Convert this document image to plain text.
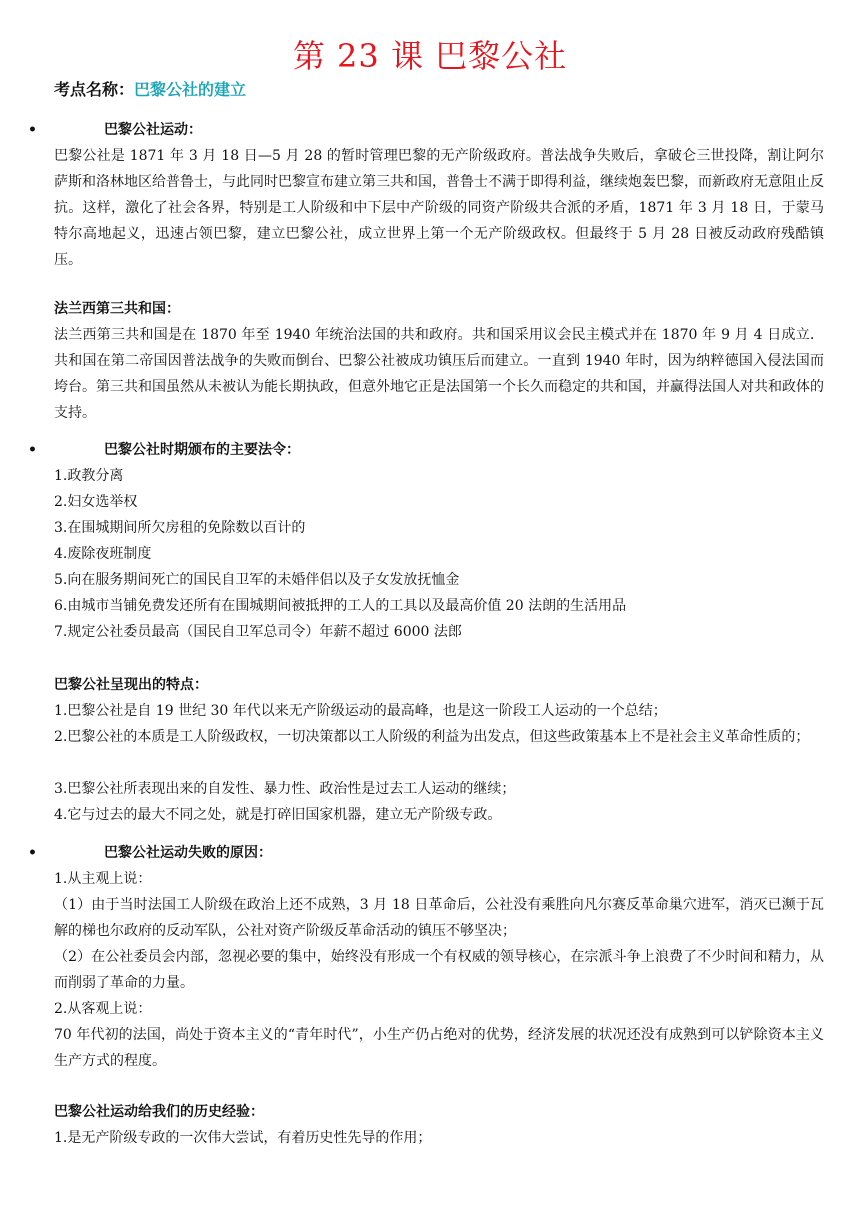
第 23 课 巴黎公社
考点名称：巴黎公社的建立
•	巴黎公社运动：
巴黎公社是 1871 年 3 月 18 日—5 月 28 的暂时管理巴黎的无产阶级政府。普法战争失败后，拿破仑三世投降，割让阿尔萨斯和洛林地区给普鲁士，与此同时巴黎宣布建立第三共和国，普鲁士不满于即得利益，继续炮轰巴黎，而新政府无意阻止反抗。这样，激化了社会各界，特别是工人阶级和中下层中产阶级的同资产阶级共合派的矛盾，1871 年 3 月 18 日，于蒙马特尔高地起义，迅速占领巴黎，建立巴黎公社，成立世界上第一个无产阶级政权。但最终于 5 月 28 日被反动政府残酷镇压。
法兰西第三共和国：
法兰西第三共和国是在 1870 年至 1940 年统治法国的共和政府。共和国采用议会民主模式并在 1870 年 9 月 4 日成立．共和国在第二帝国因普法战争的失败而倒台、巴黎公社被成功镇压后而建立。一直到 1940 年时，因为纳粹德国入侵法国而垮台。第三共和国虽然从未被认为能长期执政，但意外地它正是法国第一个长久而稳定的共和国，并赢得法国人对共和政体的支持。
•	巴黎公社时期颁布的主要法令：
1.政教分离
2.妇女选举权
3.在围城期间所欠房租的免除数以百计的
4.废除夜班制度
5.向在服务期间死亡的国民自卫军的未婚伴侣以及子女发放抚恤金
6.由城市当铺免费发还所有在围城期间被抵押的工人的工具以及最高价值 20 法朗的生活用品
7.规定公社委员最高（国民自卫军总司令）年薪不超过 6000 法郎
巴黎公社呈现出的特点：
1.巴黎公社是自 19 世纪 30 年代以来无产阶级运动的最高峰，也是这一阶段工人运动的一个总结；
2.巴黎公社的本质是工人阶级政权，一切决策都以工人阶级的利益为出发点，但这些政策基本上不是社会主义革命性质的；
3.巴黎公社所表现出来的自发性、暴力性、政治性是过去工人运动的继续；
4.它与过去的最大不同之处，就是打碎旧国家机器，建立无产阶级专政。
•	巴黎公社运动失败的原因：
1.从主观上说：
（1）由于当时法国工人阶级在政治上还不成熟，3 月 18 日革命后，公社没有乘胜向凡尔赛反革命巢穴进军，消灭已濒于瓦解的梯也尔政府的反动军队，公社对资产阶级反革命活动的镇压不够坚决；
（2）在公社委员会内部，忽视必要的集中，始终没有形成一个有权威的领导核心，在宗派斗争上浪费了不少时间和精力，从而削弱了革命的力量。
2.从客观上说：
70 年代初的法国，尚处于资本主义的“青年时代”，小生产仍占绝对的优势，经济发展的状况还没有成熟到可以铲除资本主义生产方式的程度。
巴黎公社运动给我们的历史经验：
1.是无产阶级专政的一次伟大尝试，有着历史性先导的作用；
